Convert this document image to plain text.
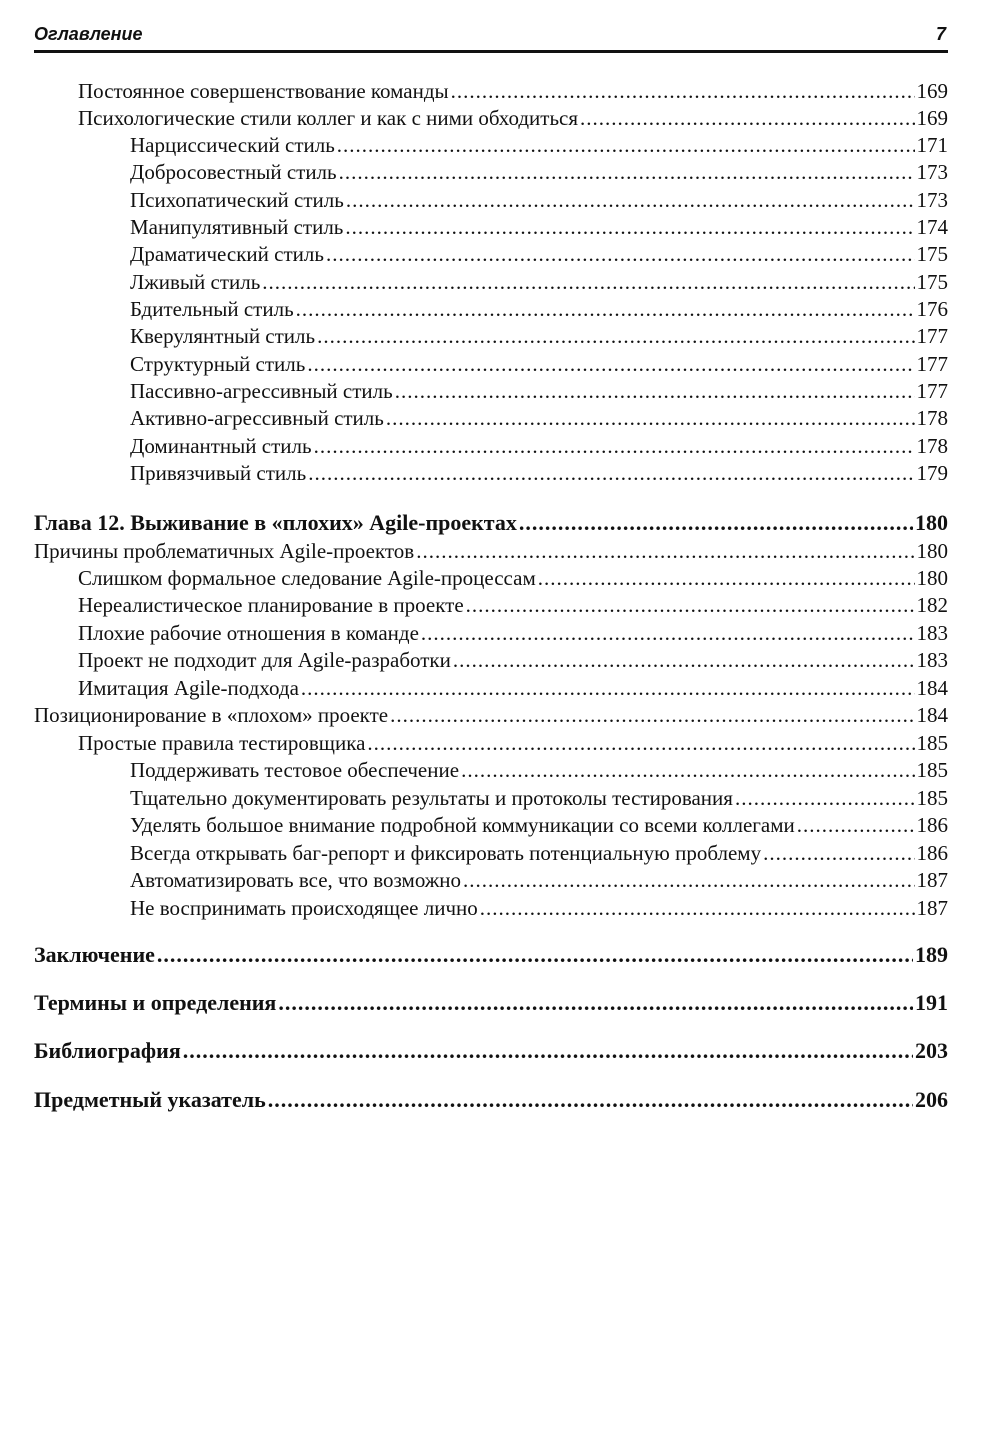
Оглавление	7
Постоянное совершенствование команды .....	169
Психологические стили коллег и как с ними обходиться .....	169
Нарциссический стиль .....	171
Добросовестный стиль .....	173
Психопатический стиль .....	173
Манипулятивный стиль .....	174
Драматический стиль .....	175
Лживый стиль .....	175
Бдительный стиль .....	176
Кверулянтный стиль .....	177
Структурный стиль .....	177
Пассивно-агрессивный стиль .....	177
Активно-агрессивный стиль .....	178
Доминантный стиль .....	178
Привязчивый стиль .....	179
Глава 12. Выживание в «плохих» Agile-проектах .....	180
Причины проблематичных Agile-проектов .....	180
Слишком формальное следование Agile-процессам .....	180
Нереалистическое планирование в проекте .....	182
Плохие рабочие отношения в команде .....	183
Проект не подходит для Agile-разработки .....	183
Имитация Agile-подхода .....	184
Позиционирование в «плохом» проекте .....	184
Простые правила тестировщика .....	185
Поддерживать тестовое обеспечение .....	185
Тщательно документировать результаты и протоколы тестирования .....	185
Уделять большое внимание подробной коммуникации со всеми коллегами .....	186
Всегда открывать баг-репорт и фиксировать потенциальную проблему .....	186
Автоматизировать все, что возможно .....	187
Не воспринимать происходящее лично .....	187
Заключение .....	189
Термины и определения .....	191
Библиография .....	203
Предметный указатель .....	206
